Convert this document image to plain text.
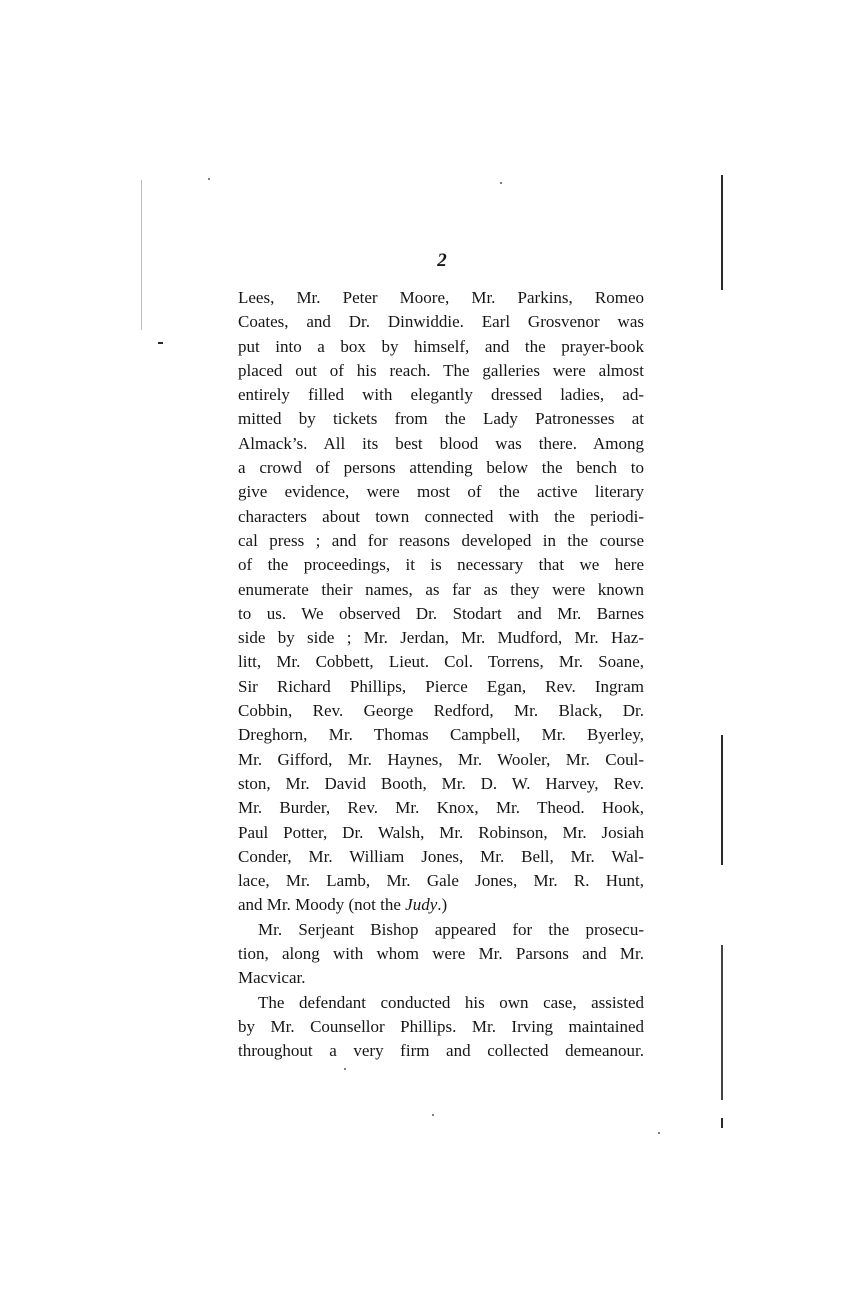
2

Lees, Mr. Peter Moore, Mr. Parkins, Romeo
Coates, and Dr. Dinwiddie. Earl Grosvenor was
put into a box by himself, and the prayer-book
placed out of his reach. The galleries were almost
entirely filled with elegantly dressed ladies, ad-
mitted by tickets from the Lady Patronesses at
Almack’s. All its best blood was there. Among
a crowd of persons attending below the bench to
give evidence, were most of the active literary
characters about town connected with the periodi-
cal press ; and for reasons developed in the course
of the proceedings, it is necessary that we here
enumerate their names, as far as they were known
to us. We observed Dr. Stodart and Mr. Barnes
side by side ; Mr. Jerdan, Mr. Mudford, Mr. Haz-
litt, Mr. Cobbett, Lieut. Col. Torrens, Mr. Soane,
Sir Richard Phillips, Pierce Egan, Rev. Ingram
Cobbin, Rev. George Redford, Mr. Black, Dr.
Dreghorn, Mr. Thomas Campbell, Mr. Byerley,
Mr. Gifford, Mr. Haynes, Mr. Wooler, Mr. Coul-
ston, Mr. David Booth, Mr. D. W. Harvey, Rev.
Mr. Burder, Rev. Mr. Knox, Mr. Theod. Hook,
Paul Potter, Dr. Walsh, Mr. Robinson, Mr. Josiah
Conder, Mr. William Jones, Mr. Bell, Mr. Wal-
lace, Mr. Lamb, Mr. Gale Jones, Mr. R. Hunt,
and Mr. Moody (not the Judy.)

Mr. Serjeant Bishop appeared for the prosecu-
tion, along with whom were Mr. Parsons and Mr.
Macvicar.

The defendant conducted his own case, assisted
by Mr. Counsellor Phillips. Mr. Irving maintained
throughout a very firm and collected demeanour.
